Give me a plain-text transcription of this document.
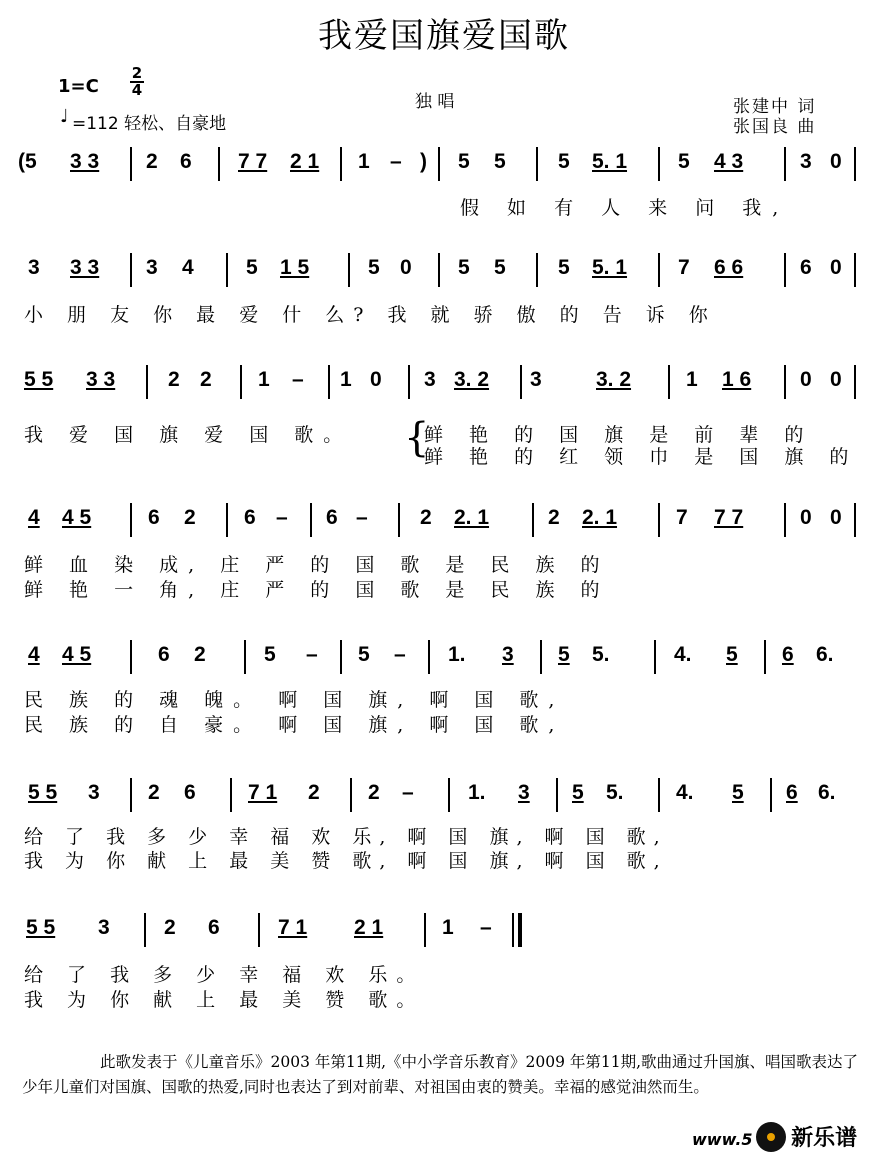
我爱国旗爱国歌
1=C
2
4
♩ =112 轻松、自豪地
独 唱	张建中 词
张国良 曲
(5 3 3 2 6 7 7 2 1 1 – ) 5 5 5 5. 1 5 4 3	3 0
假 如 有 人 来 问 我,
3 3 3 3 4 5 1 5	5 0 5 5 5 5. 1 7 6 6	6 0
小 朋 友 你 最 爱 什 么? 我 就 骄 傲 的 告 诉 你
5 5 3 3	2 2 1 – 1 0 3 3. 2 3	3. 2	1 1 6 0 0
我 爱 国 旗 爱 国 歌。 {
鲜 艳 的 国 旗 是 前 辈 的
鲜 艳 的 红 领 巾 是 国 旗 的
4 4 5	6 2 6 – 6 – 2 2. 1	2 2. 1	7 7 7	0 0
鲜 血 染 成, 庄 严 的 国 歌 是 民 族 的
鲜 艳 一 角, 庄 严 的 国 歌 是 民 族 的
4 4 5	6 2	5 – 5 – 1. 3 5 5.	4. 5 6 6.
民 族 的 魂 魄。 啊 国 旗, 啊 国 歌,
民 族 的 自 豪。 啊 国 旗, 啊 国 歌,
5 5 3 2 6 7 1 2 2 –	1. 3 5 5. 4. 5 6 6.
给 了 我 多 少 幸 福 欢 乐, 啊 国 旗, 啊 国 歌,
我 为 你 献 上 最 美 赞 歌, 啊 国 旗, 啊 国 歌,
5 5 3	2 6	7 1 2 1	1 –
给 了 我 多 少 幸 福 欢 乐。
我 为 你 献 上 最 美 赞 歌。
此歌发表于《儿童音乐》2003 年第11期,《中小学音乐教育》2009 年第11期,歌曲通过升国旗、唱国歌表达了少年儿童们对国旗、国歌的热爱,同时也表达了到对前辈、对祖国由衷的赞美。幸福的感觉油然而生。
www.5	新乐谱
